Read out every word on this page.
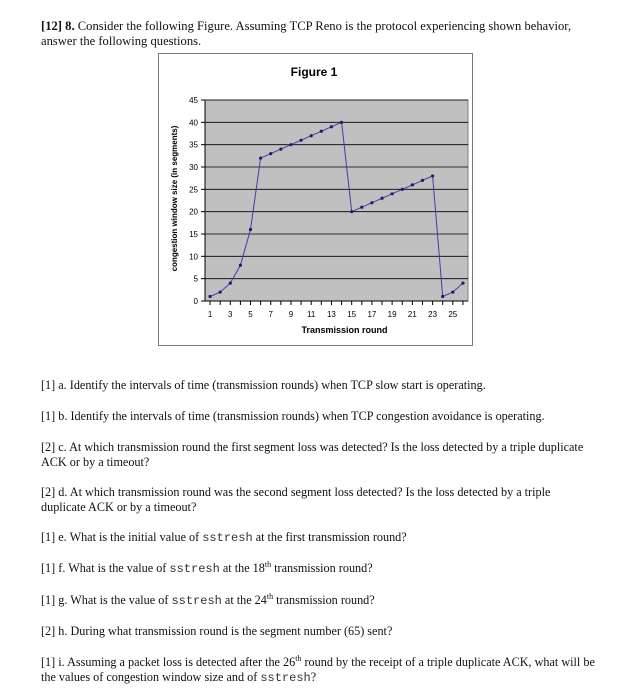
[12] 8. Consider the following Figure. Assuming TCP Reno is the protocol experiencing shown behavior, answer the following questions.
Figure 1
0
5
10
15
20
25
30
35
40
45
1 3 5 7 9 11 13 15 17 19 21 23 25
Transmission round
congestion window size (in segments)
[1] a. Identify the intervals of time (transmission rounds) when TCP slow start is operating.
[1] b. Identify the intervals of time (transmission rounds) when TCP congestion avoidance is operating.
[2] c. At which transmission round the first segment loss was detected? Is the loss detected by a triple duplicate ACK or by a timeout?
[2] d. At which transmission round was the second segment loss detected? Is the loss detected by a triple duplicate ACK or by a timeout?
[1] e. What is the initial value of sstresh at the first transmission round?
[1] f. What is the value of sstresh at the 18th transmission round?
[1] g. What is the value of sstresh at the 24th transmission round?
[2] h. During what transmission round is the segment number (65) sent?
[1] i. Assuming a packet loss is detected after the 26th round by the receipt of a triple duplicate ACK, what will be the values of congestion window size and of sstresh?
